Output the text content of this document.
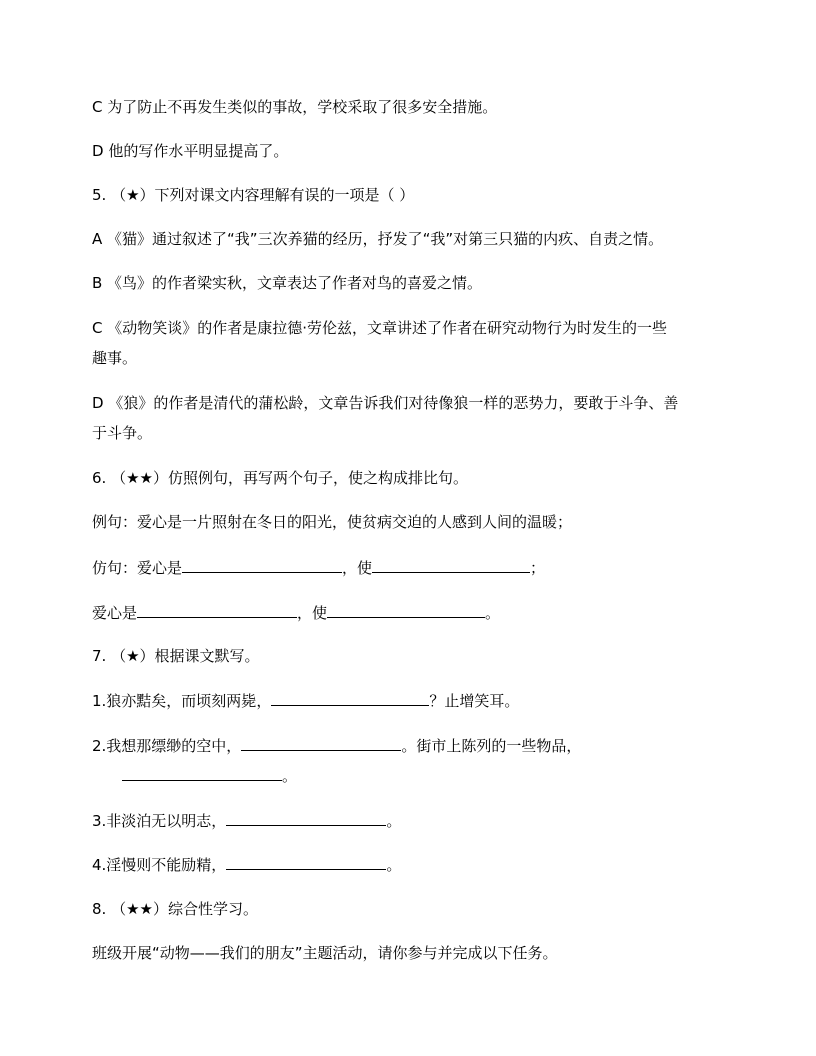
C 为了防止不再发生类似的事故，学校采取了很多安全措施。
D 他的写作水平明显提高了。
5. （★）下列对课文内容理解有误的一项是（ ）
A 《猫》通过叙述了“我”三次养猫的经历，抒发了“我”对第三只猫的内疚、自责之情。
B 《鸟》的作者梁实秋，文章表达了作者对鸟的喜爱之情。
C 《动物笑谈》的作者是康拉德·劳伦兹，文章讲述了作者在研究动物行为时发生的一些
趣事。
D 《狼》的作者是清代的蒲松龄，文章告诉我们对待像狼一样的恶势力，要敢于斗争、善
于斗争。
6. （★★）仿照例句，再写两个句子，使之构成排比句。
例句：爱心是一片照射在冬日的阳光，使贫病交迫的人感到人间的温暖；
仿句：爱心是	，使	；
爱心是	，使	。
7. （★）根据课文默写。
1.狼亦黠矣，而顷刻两毙，	？止增笑耳。
2.我想那缥缈的空中，	。街市上陈列的一些物品，
。
3.非淡泊无以明志，	。
4.淫慢则不能励精，	。
8. （★★）综合性学习。
班级开展“动物——我们的朋友”主题活动，请你参与并完成以下任务。
